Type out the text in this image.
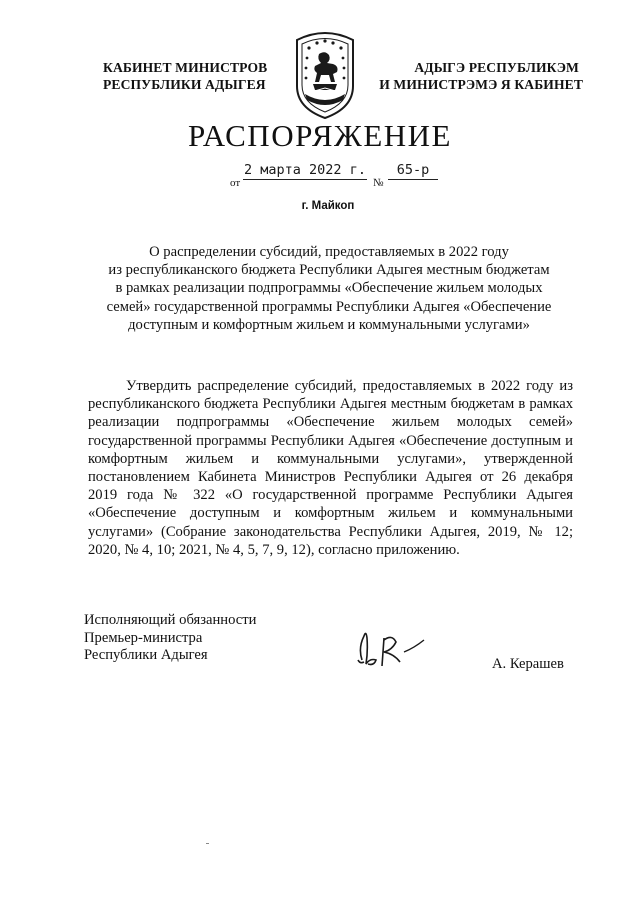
КАБИНЕТ МИНИСТРОВ
РЕСПУБЛИКИ АДЫГЕЯ
АДЫГЭ РЕСПУБЛИКЭМ
И МИНИСТРЭМЭ Я КАБИНЕТ
РАСПОРЯЖЕНИЕ
от
2 марта 2022 г.
№
65-р
г. Майкоп
О распределении субсидий, предоставляемых в 2022 году
из республиканского бюджета Республики Адыгея местным бюджетам
в рамках реализации подпрограммы «Обеспечение жильем молодых
семей» государственной программы Республики Адыгея «Обеспечение
доступным и комфортным жильем и коммунальными услугами»

Утвердить распределение субсидий, предоставляемых в 2022 году из республиканского бюджета Республики Адыгея местным бюджетам в рамках реализации подпрограммы «Обеспечение жильем молодых семей» государственной программы Республики Адыгея «Обеспечение доступным и комфортным жильем и коммунальными услугами», утвержденной постановлением Кабинета Министров Республики Адыгея от 26 декабря 2019 года № 322 «О государственной программе Республики Адыгея «Обеспечение доступным и комфортным жильем и коммунальными услугами» (Собрание законодательства Республики Адыгея, 2019, № 12; 2020, № 4, 10; 2021, № 4, 5, 7, 9, 12), согласно приложению.

Исполняющий обязанности
Премьер-министра
Республики Адыгея
А. Керашев
